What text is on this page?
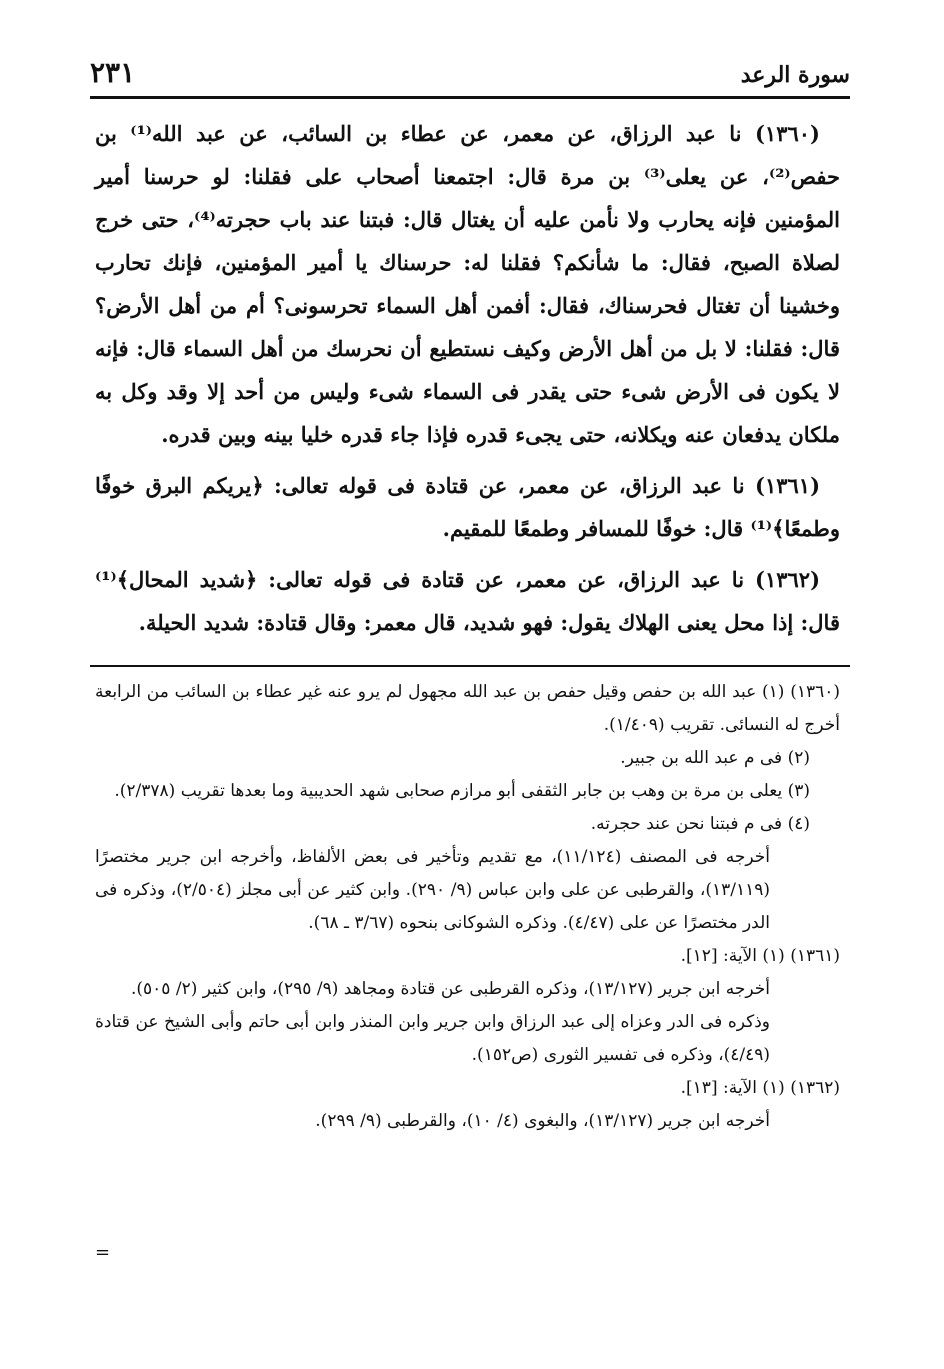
٢٣١	سورة الرعد

(١٣٦٠) نا عبد الرزاق، عن معمر، عن عطاء بن السائب، عن عبد الله⁽¹⁾ بن حفص⁽²⁾، عن يعلى⁽³⁾ بن مرة قال: اجتمعنا أصحاب على فقلنا: لو حرسنا أمير المؤمنين فإنه يحارب ولا نأمن عليه أن يغتال قال: فبتنا عند باب حجرته⁽⁴⁾، حتى خرج لصلاة الصبح، فقال: ما شأنكم؟ فقلنا له: حرسناك يا أمير المؤمنين، فإنك تحارب وخشينا أن تغتال فحرسناك، فقال: أفمن أهل السماء تحرسونى؟ أم من أهل الأرض؟ قال: فقلنا: لا بل من أهل الأرض وكيف نستطيع أن نحرسك من أهل السماء قال: فإنه لا يكون فى الأرض شىء حتى يقدر فى السماء شىء وليس من أحد إلا وقد وكل به ملكان يدفعان عنه ويكلانه، حتى يجىء قدره فإذا جاء قدره خليا بينه وبين قدره.

(١٣٦١) نا عبد الرزاق، عن معمر، عن قتادة فى قوله تعالى: ﴿يريكم البرق خوفًا وطمعًا﴾⁽¹⁾ قال: خوفًا للمسافر وطمعًا للمقيم.

(١٣٦٢) نا عبد الرزاق، عن معمر، عن قتادة فى قوله تعالى: ﴿شديد المحال﴾⁽¹⁾ قال: إذا محل يعنى الهلاك يقول: فهو شديد، قال معمر: وقال قتادة: شديد الحيلة.

(١٣٦٠) (١) عبد الله بن حفص وقيل حفص بن عبد الله مجهول لم يرو عنه غير عطاء بن السائب من الرابعة أخرج له النسائى. تقريب (١/٤٠٩).

(٢) فى م عبد الله بن جبير.

(٣) يعلى بن مرة بن وهب بن جابر الثقفى أبو مرازم صحابى شهد الحديبية وما بعدها تقريب (٢/٣٧٨).

(٤) فى م فبتنا نحن عند حجرته.

أخرجه فى المصنف (١١/١٢٤)، مع تقديم وتأخير فى بعض الألفاظ، وأخرجه ابن جرير مختصرًا (١٣/١١٩)، والقرطبى عن على وابن عباس (٩/ ٢٩٠). وابن كثير عن أبى مجلز (٢/٥٠٤)، وذكره فى الدر مختصرًا عن على (٤/٤٧). وذكره الشوكانى بنحوه (٣/٦٧ ـ ٦٨).

(١٣٦١) (١) الآية: [١٢].

أخرجه ابن جرير (١٣/١٢٧)، وذكره القرطبى عن قتادة ومجاهد (٩/ ٢٩٥)، وابن كثير (٢/ ٥٠٥).

وذكره فى الدر وعزاه إلى عبد الرزاق وابن جرير وابن المنذر وابن أبى حاتم وأبى الشيخ عن قتادة (٤/٤٩)، وذكره فى تفسير الثورى (ص١٥٢).

(١٣٦٢) (١) الآية: [١٣].

أخرجه ابن جرير (١٣/١٢٧)، والبغوى (٤/ ١٠)، والقرطبى (٩/ ٢٩٩).

=
